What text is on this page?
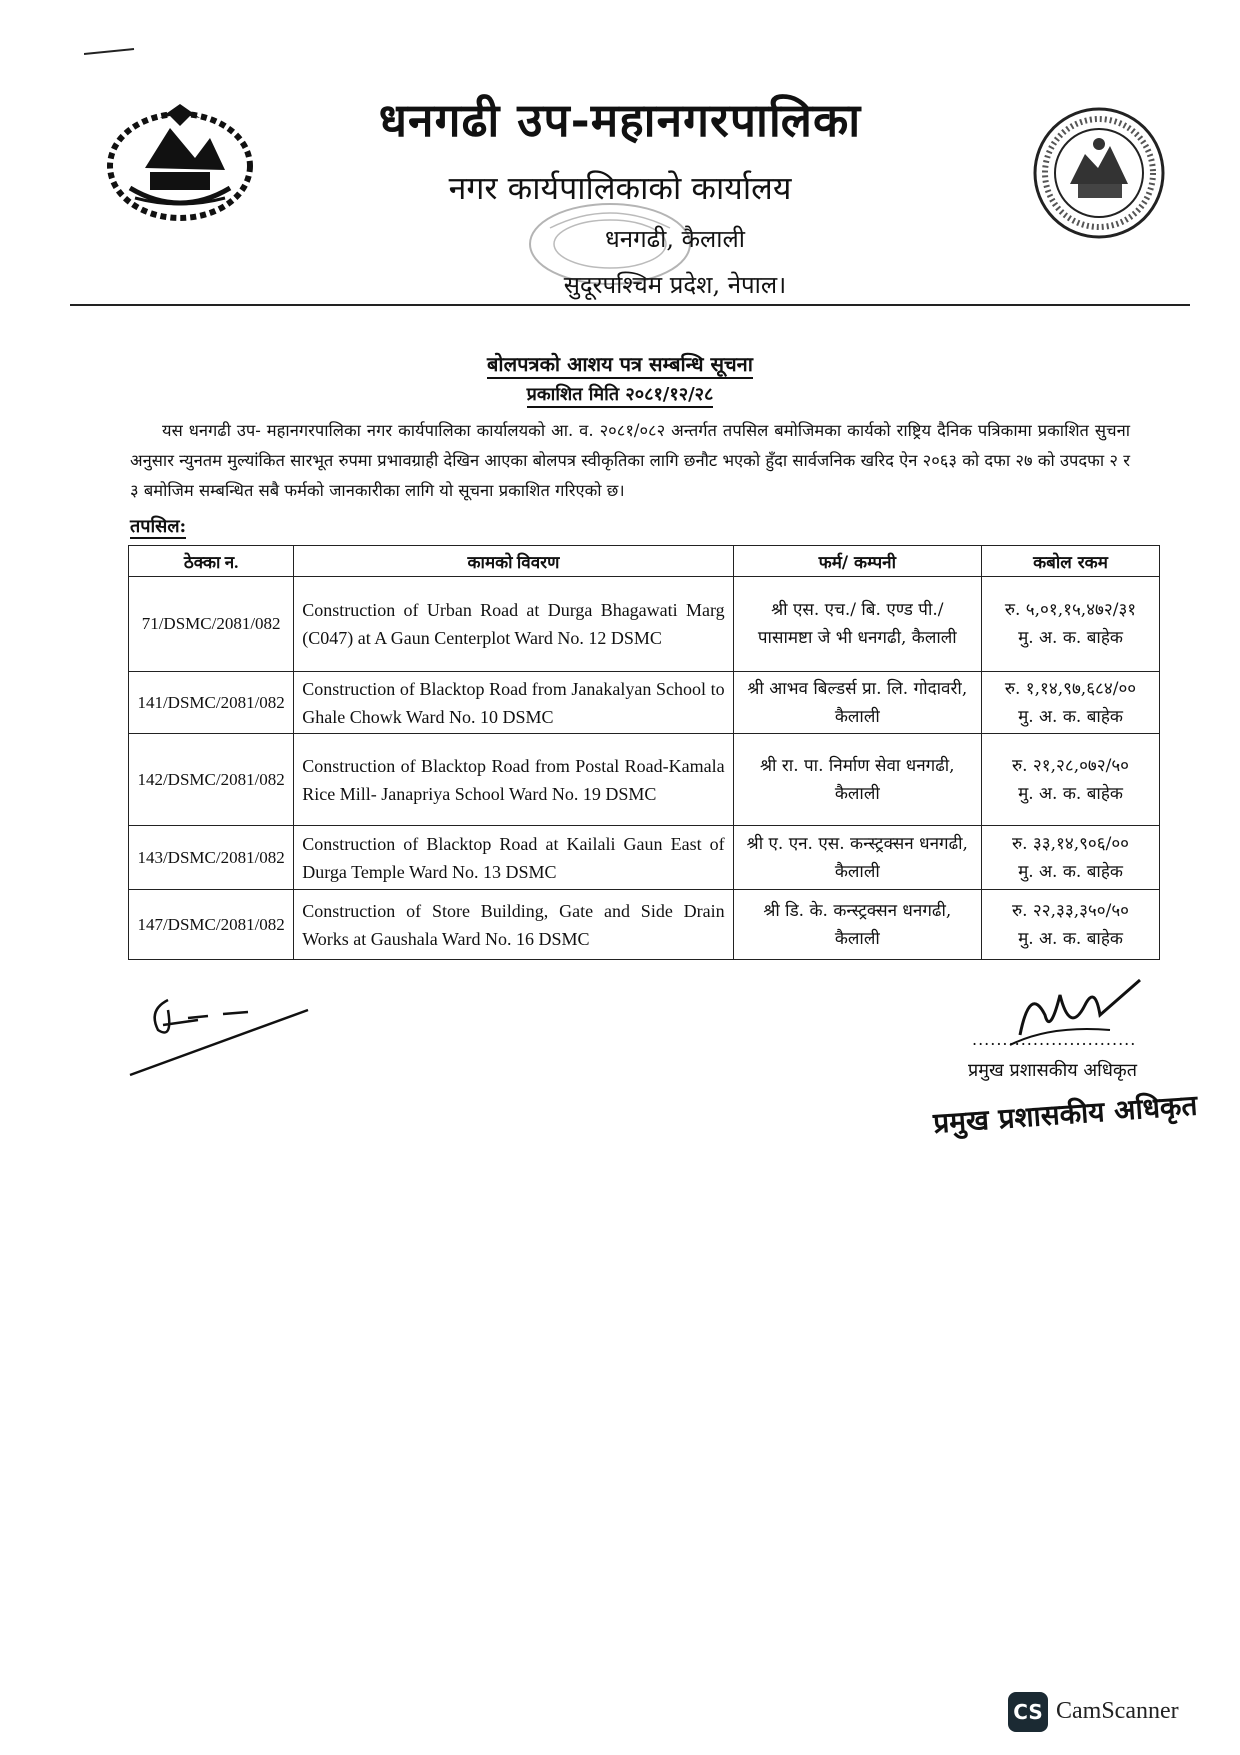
धनगढी उप-महानगरपालिका
नगर कार्यपालिकाको कार्यालय
धनगढी, कैलाली
सुदूरपश्चिम प्रदेश, नेपाल।
बोलपत्रको आशय पत्र सम्बन्धि सूचना
प्रकाशित मिति २०८१/१२/२८
यस धनगढी उप- महानगरपालिका नगर कार्यपालिका कार्यालयको आ. व. २०८१/०८२ अन्तर्गत तपसिल बमोजिमका कार्यको राष्ट्रिय दैनिक पत्रिकामा प्रकाशित सुचना अनुसार न्युनतम मुल्यांकित सारभूत रुपमा प्रभावग्राही देखिन आएका बोलपत्र स्वीकृतिका लागि छनौट भएको हुँदा सार्वजनिक खरिद ऐन २०६३ को दफा २७ को उपदफा २ र ३ बमोजिम सम्बन्धित सबै फर्मको जानकारीका लागि यो सूचना प्रकाशित गरिएको छ।
तपसिल:
ठेक्का न.	कामको विवरण	फर्म/ कम्पनी	कबोल रकम
71/DSMC/2081/082	Construction of Urban Road at Durga Bhagawati Marg (C047) at A Gaun Centerplot Ward No. 12 DSMC	श्री एस. एच./ बि. एण्ड पी./ पासामष्टा जे भी धनगढी, कैलाली	रु. ५,०१,१५,४७२/३१
मु. अ. क. बाहेक

141/DSMC/2081/082	Construction of Blacktop Road from Janakalyan School to Ghale Chowk Ward No. 10 DSMC	श्री आभव बिल्डर्स प्रा. लि. गोदावरी, कैलाली	रु. १,१४,९७,६८४/००
मु. अ. क. बाहेक

142/DSMC/2081/082	Construction of Blacktop Road from Postal Road-Kamala Rice Mill- Janapriya School Ward No. 19 DSMC	श्री रा. पा. निर्माण सेवा धनगढी, कैलाली	रु. २१,२८,०७२/५०
मु. अ. क. बाहेक

143/DSMC/2081/082	Construction of Blacktop Road at Kailali Gaun East of Durga Temple Ward No. 13 DSMC	श्री ए. एन. एस. कन्स्ट्रक्सन धनगढी, कैलाली	रु. ३३,१४,९०६/००
मु. अ. क. बाहेक

147/DSMC/2081/082	Construction of Store Building, Gate and Side Drain Works at Gaushala Ward No. 16 DSMC	श्री डि. के. कन्स्ट्रक्सन धनगढी, कैलाली	रु. २२,३३,३५०/५०
मु. अ. क. बाहेक
...........................
प्रमुख प्रशासकीय अधिकृत
प्रमुख प्रशासकीय अधिकृत
CS CamScanner
